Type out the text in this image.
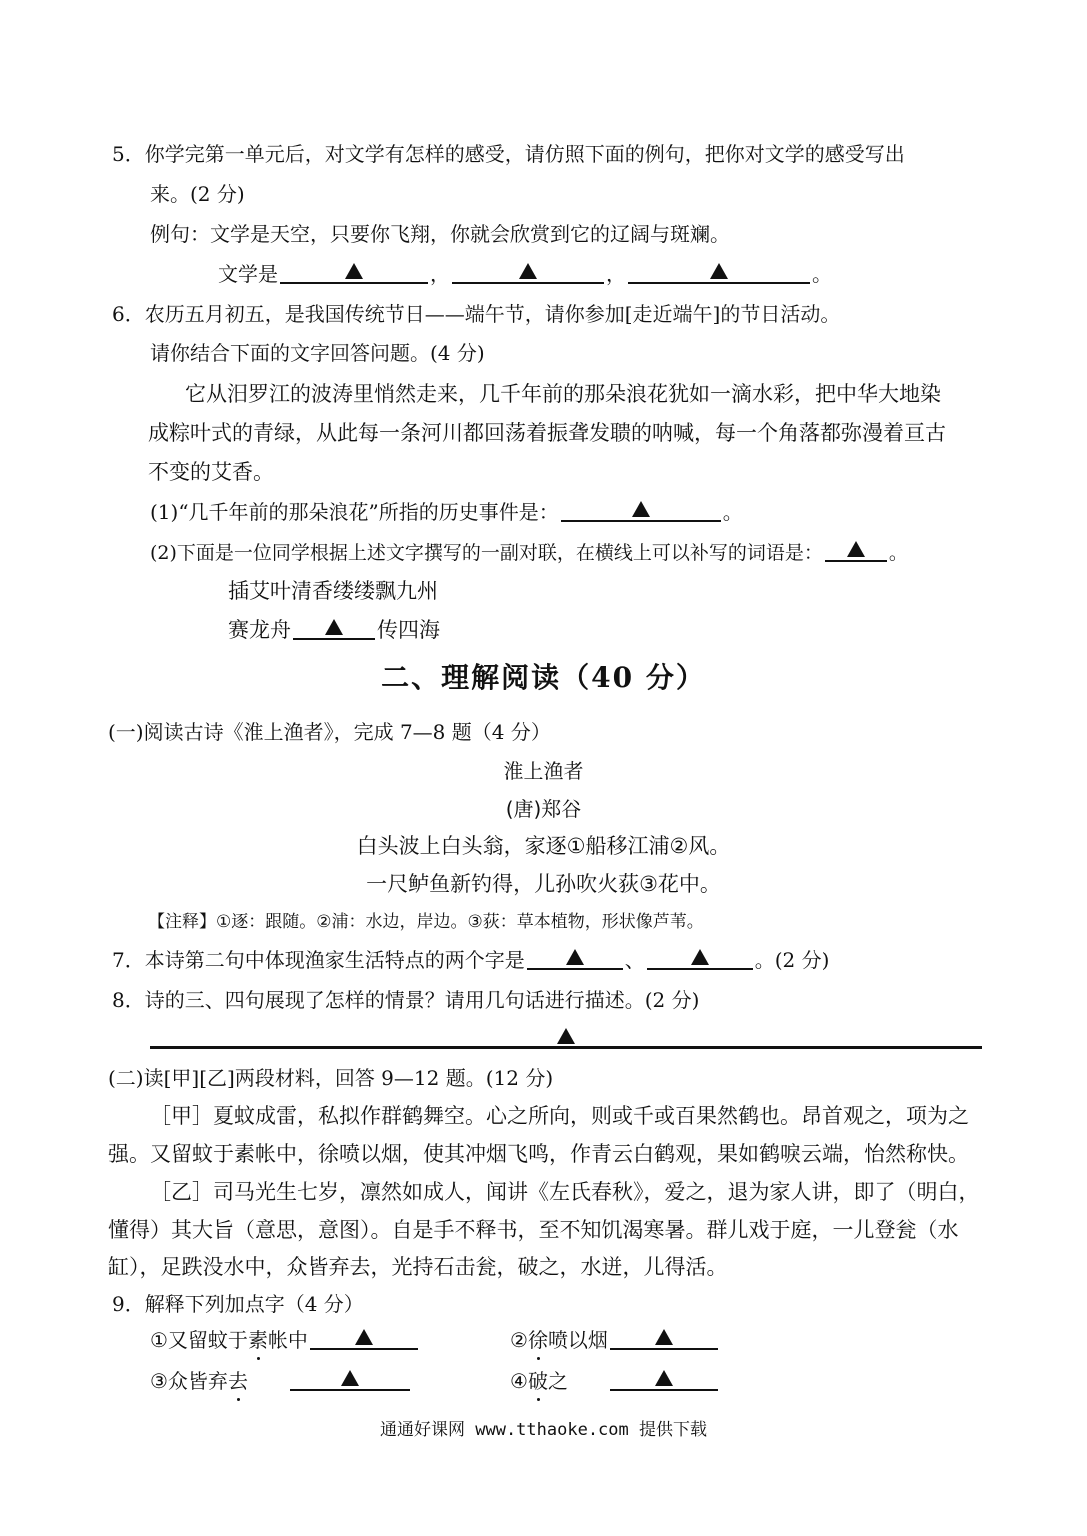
5．你学完第一单元后，对文学有怎样的感受，请仿照下面的例句，把你对文学的感受写出
来。(2 分)
例句：文学是天空，只要你飞翔，你就会欣赏到它的辽阔与斑斓。
文学是	，	，	。
6．农历五月初五，是我国传统节日——端午节，请你参加[走近端午]的节日活动。
请你结合下面的文字回答问题。(4 分)
它从汨罗江的波涛里悄然走来，几千年前的那朵浪花犹如一滴水彩，把中华大地染
成粽叶式的青绿，从此每一条河川都回荡着振聋发聩的呐喊，每一个角落都弥漫着亘古
不变的艾香。
(1)“几千年前的那朵浪花”所指的历史事件是：	。
(2)下面是一位同学根据上述文字撰写的一副对联，在横线上可以补写的词语是：	。
插艾叶清香缕缕飘九州
赛龙舟	传四海
二、理解阅读（40 分）
(一)阅读古诗《淮上渔者》，完成 7—8 题（4 分）
淮上渔者
(唐)郑谷
白头波上白头翁，家逐①船移江浦②风。
一尺鲈鱼新钓得，儿孙吹火荻③花中。
【注释】①逐：跟随。②浦：水边，岸边。③荻：草本植物，形状像芦苇。
7．本诗第二句中体现渔家生活特点的两个字是	、	。(2 分)
8．诗的三、四句展现了怎样的情景？请用几句话进行描述。(2 分)
(二)读[甲][乙]两段材料，回答 9—12 题。(12 分)
［甲］夏蚊成雷，私拟作群鹤舞空。心之所向，则或千或百果然鹤也。昂首观之，项为之
强。又留蚊于素帐中，徐喷以烟，使其冲烟飞鸣，作青云白鹤观，果如鹤唳云端，怡然称快。
［乙］司马光生七岁，凛然如成人，闻讲《左氏春秋》，爱之，退为家人讲，即了（明白，
懂得）其大旨（意思，意图）。自是手不释书，至不知饥渴寒暑。群儿戏于庭，一儿登瓮（水
缸），足跌没水中，众皆弃去，光持石击瓮，破之，水迸，儿得活。
9．解释下列加点字（4 分）
①又留蚊于素帐中	②徐喷以烟
③众皆弃去	④破之
通通好课网 www.tthaoke.com 提供下载
